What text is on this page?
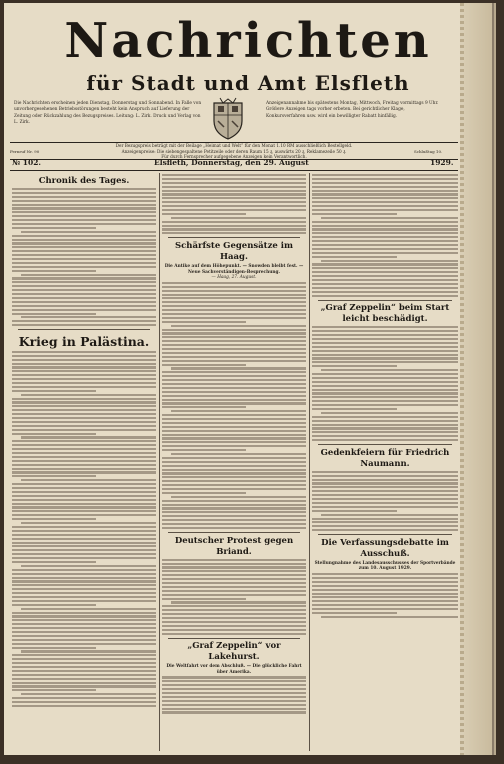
Nachrichten
für Stadt und Amt Elsfleth
Die Nachrichten erscheinen jeden Dienstag, Donnerstag und Sonnabend. In Falle von unvorhergesehenen Betriebsstörungen besteht kein Anspruch auf Lieferung der Zeitung oder Rückzahlung des Bezugspreises. Leitung: L. Zirk. Druck und Verlag von L. Zirk.
Anzeigenannahme bis spätestens Montag, Mittwoch, Freitag vormittags 9 Uhr. Größere Anzeigen tags vorher erbeten. Bei gerichtlicher Klage, Konkursverfahren usw. wird ein bewilligter Rabatt hinfällig.
Der Bezugspreis beträgt mit der Beilage „Heimat und Welt“ für den Monat 1.10 RM ausschließlich Bestellgeld.
Anzeigenpreise: Die siebengespaltene Petitzeile oder deren Raum 15 ₰, auswärts 20 ₰, Reklamezeile 50 ₰.
Für durch Fernsprecher aufgegebene Anzeigen kein Verantwortlich.
Fernruf Nr. 90	Schlußtag 10.
№ 102.	Elsfleth, Donnerstag, den 29. August	1929.
Chronik des Tages.
Krieg in Palästina.
Schärfste Gegensätze im Haag.
Die Antike auf dem Höhepunkt. — Snowden bleibt fest. — Neue Sachverständigen-Besprechung.
— Haag, 27. August.
Deutscher Protest gegen Briand.
„Graf Zeppelin“ vor Lakehurst.
Die Weltfahrt vor dem Abschluß. — Die glückliche Fahrt über Amerika.
„Graf Zeppelin“ beim Start leicht beschädigt.
Gedenkfeiern für Friedrich Naumann.
Die Verfassungsdebatte im Ausschuß.
Stellungnahme des Landesausschusses der Sportverbände zum 10. August 1929.
